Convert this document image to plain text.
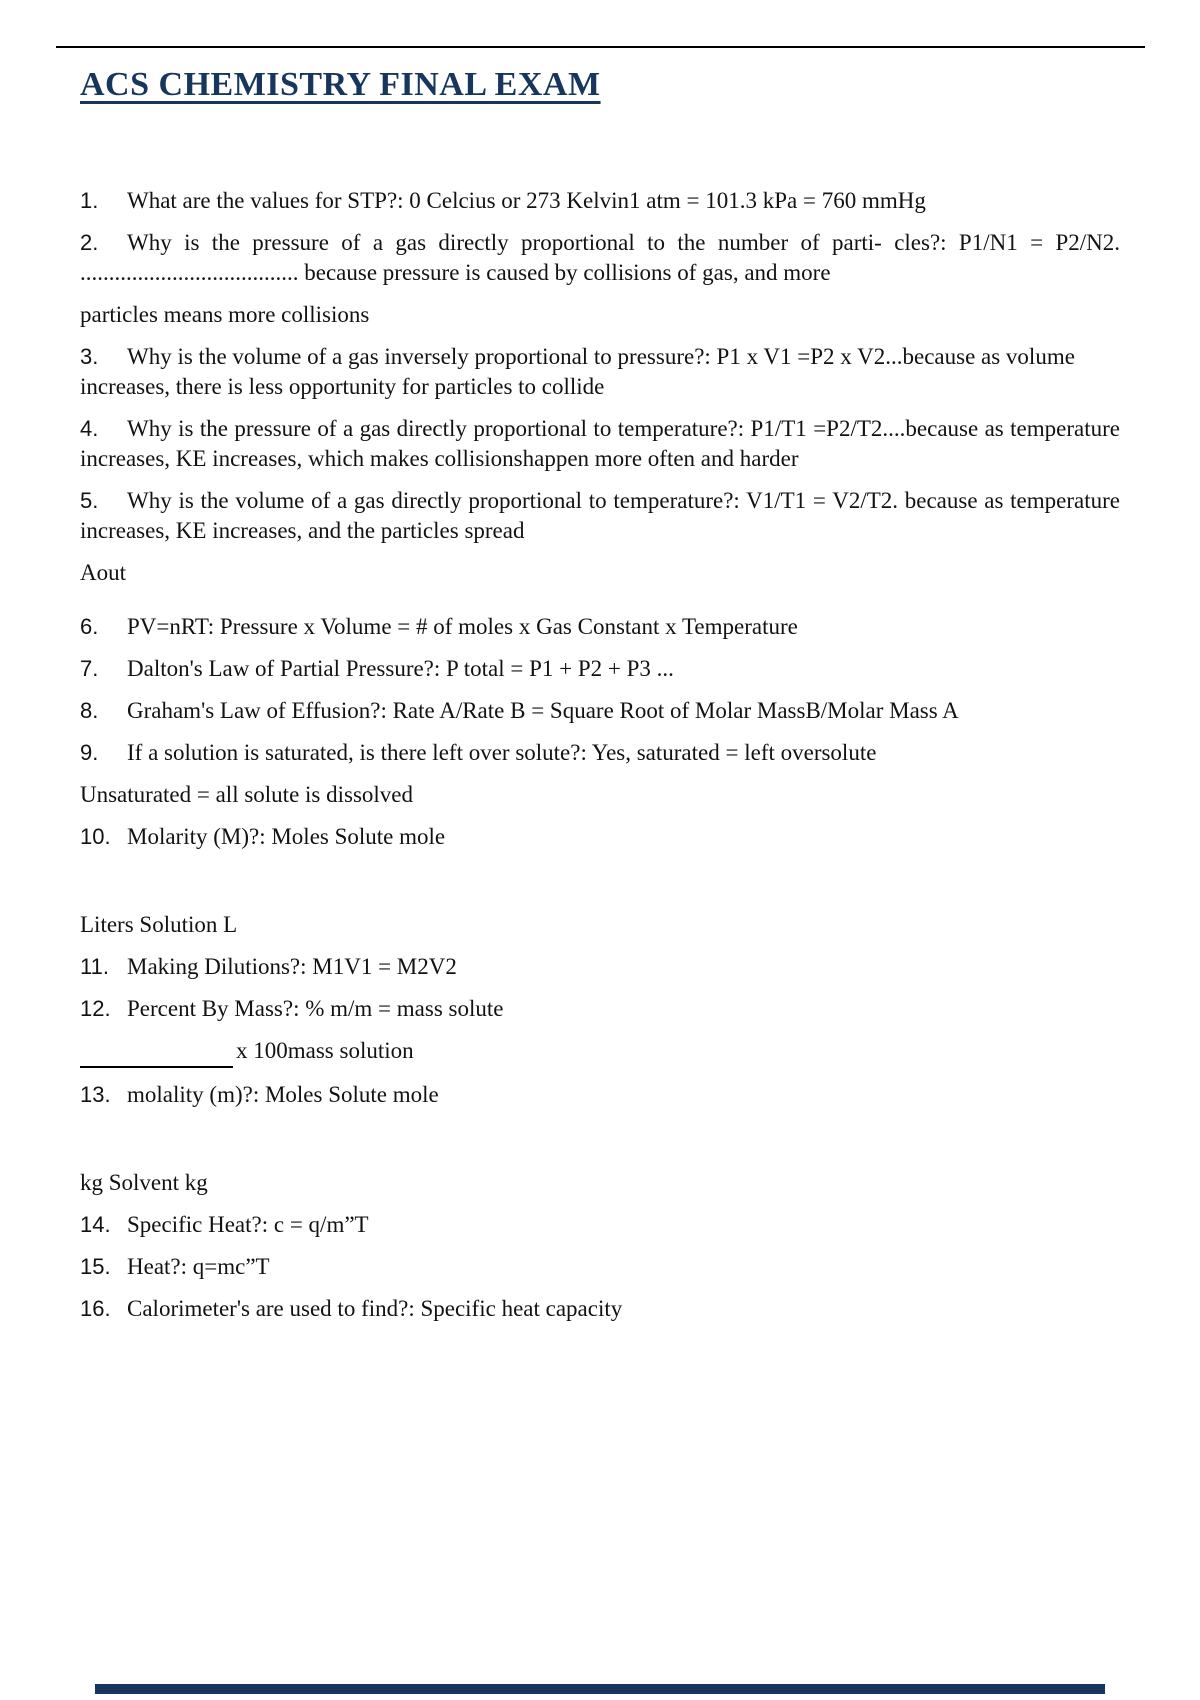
ACS CHEMISTRY FINAL EXAM

1. What are the values for STP?: 0 Celcius or 273 Kelvin1 atm = 101.3 kPa = 760 mmHg

2. Why is the pressure of a gas directly proportional to the number of parti- cles?: P1/N1 = P2/N2. ...................................... because pressure is caused by collisions of gas, and more

particles means more collisions

3. Why is the volume of a gas inversely proportional to pressure?: P1 x V1 =P2 x V2...because as volume increases, there is less opportunity for particles to collide

4. Why is the pressure of a gas directly proportional to temperature?: P1/T1 =P2/T2....because as temperature increases, KE increases, which makes collisionshappen more often and harder

5. Why is the volume of a gas directly proportional to temperature?: V1/T1 = V2/T2. because as temperature increases, KE increases, and the particles spread

Aout

6. PV=nRT: Pressure x Volume = # of moles x Gas Constant x Temperature

7. Dalton's Law of Partial Pressure?: P total = P1 + P2 + P3 ...

8. Graham's Law of Effusion?: Rate A/Rate B = Square Root of Molar MassB/Molar Mass A

9. If a solution is saturated, is there left over solute?: Yes, saturated = left oversolute

Unsaturated = all solute is dissolved

10. Molarity (M)?: Moles Solute mole

Liters Solution L

11. Making Dilutions?: M1V1 = M2V2

12. Percent By Mass?: % m/m = mass solute

x 100mass solution

13. molality (m)?: Moles Solute mole

kg Solvent kg

14. Specific Heat?: c = q/m”T

15. Heat?: q=mc”T

16. Calorimeter's are used to find?: Specific heat capacity
